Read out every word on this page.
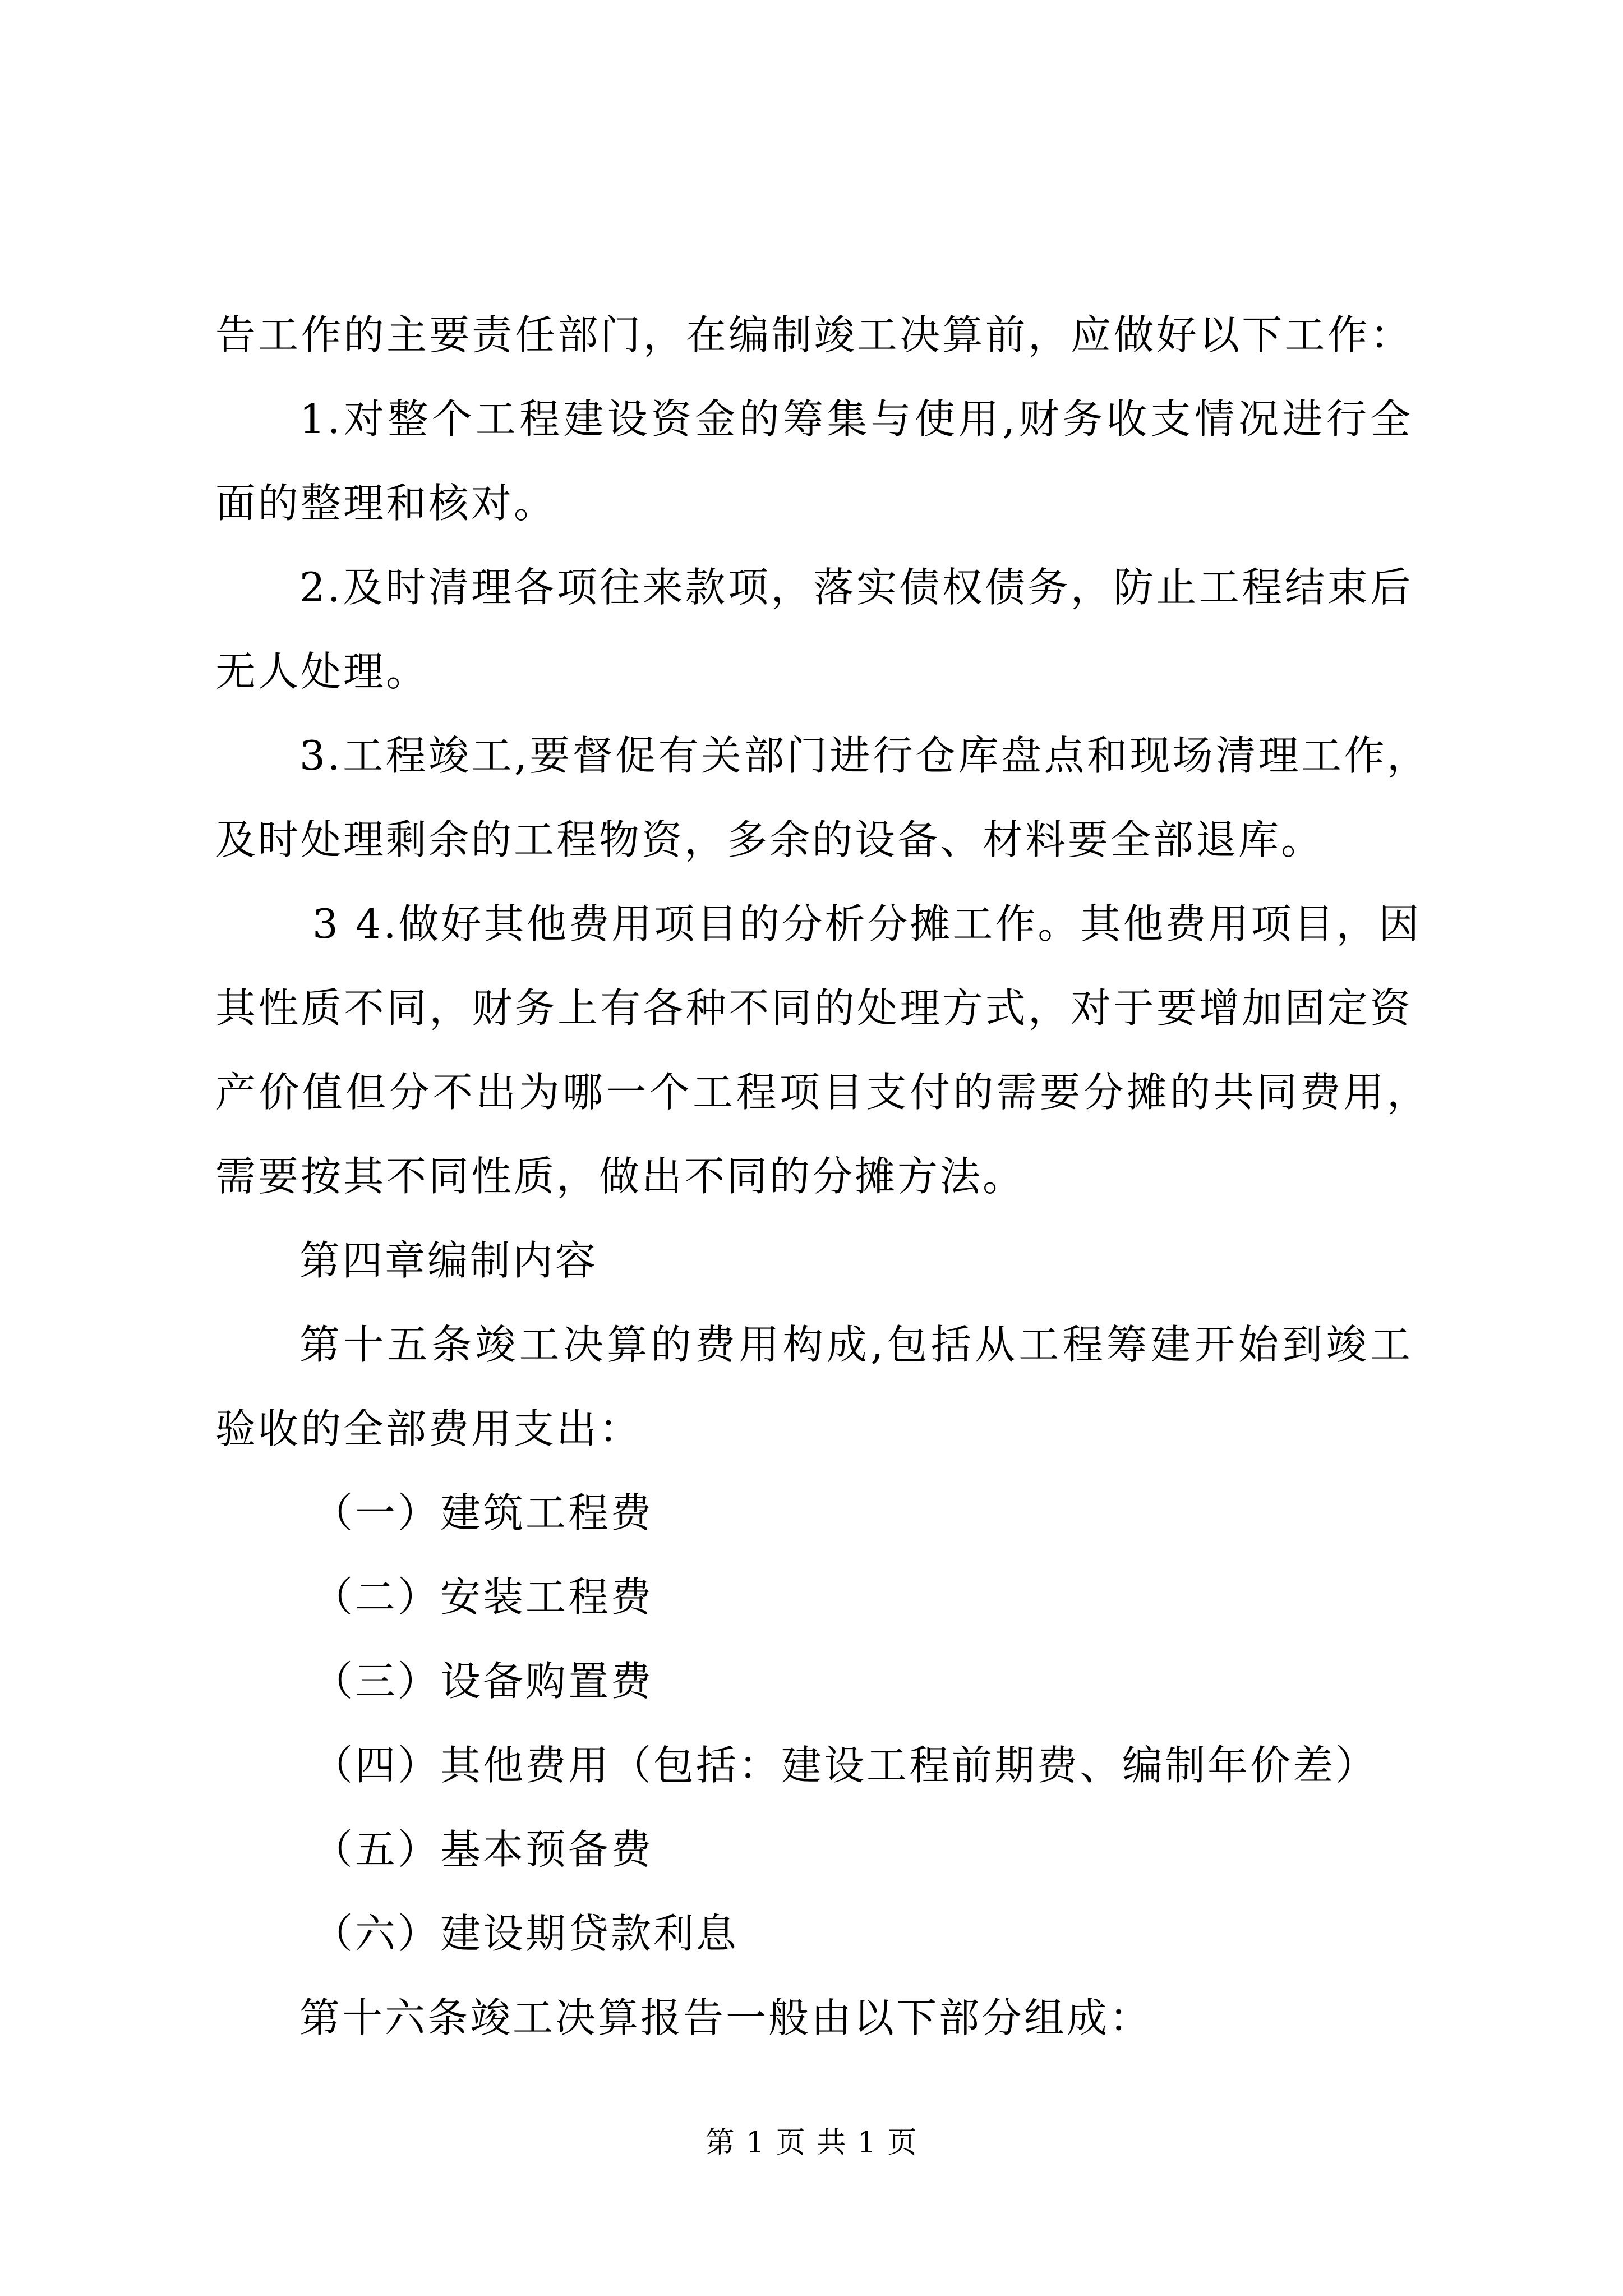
告工作的主要责任部门，在编制竣工决算前，应做好以下工作：
1.对整个工程建设资金的筹集与使用,财务收支情况进行全
面的整理和核对。
2.及时清理各项往来款项，落实债权债务，防止工程结束后
无人处理。
3.工程竣工,要督促有关部门进行仓库盘点和现场清理工作，
及时处理剩余的工程物资，多余的设备、材料要全部退库。
3 4.做好其他费用项目的分析分摊工作。其他费用项目，因
其性质不同，财务上有各种不同的处理方式，对于要增加固定资
产价值但分不出为哪一个工程项目支付的需要分摊的共同费用，
需要按其不同性质，做出不同的分摊方法。
第四章编制内容
第十五条竣工决算的费用构成,包括从工程筹建开始到竣工
验收的全部费用支出：
（一）建筑工程费
（二）安装工程费
（三）设备购置费
（四）其他费用（包括：建设工程前期费、编制年价差）
（五）基本预备费
（六）建设期贷款利息
第十六条竣工决算报告一般由以下部分组成：
第 1 页 共 1 页
